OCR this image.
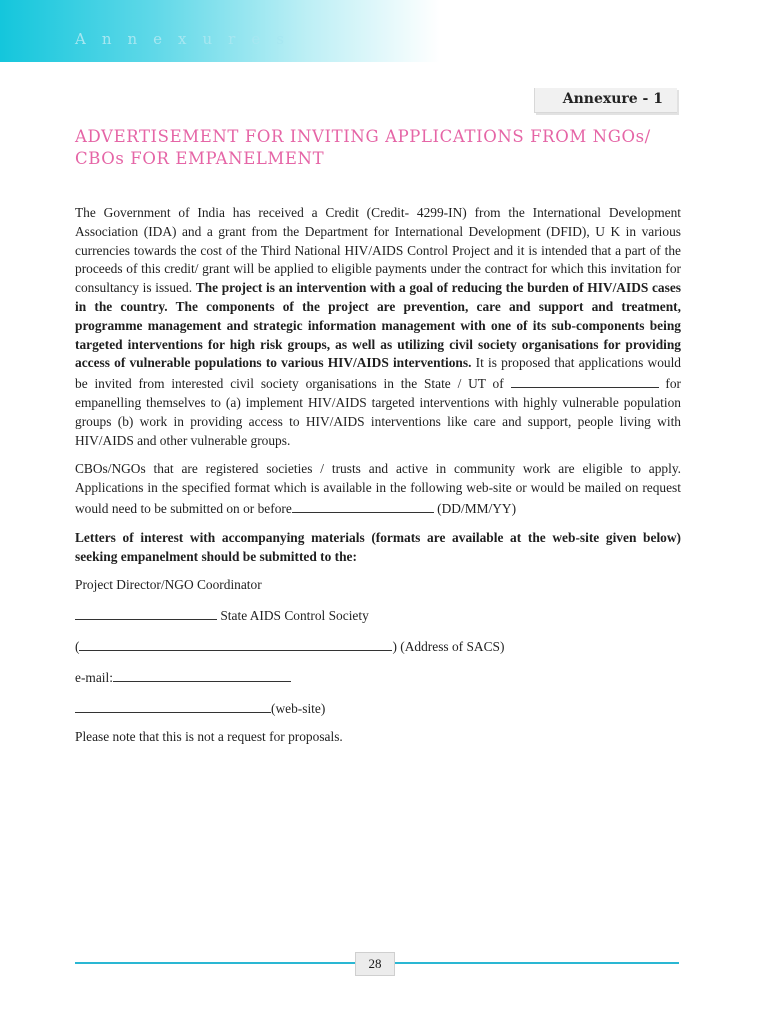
Annexures
Annexure - 1
ADVERTISEMENT FOR INVITING APPLICATIONS FROM NGOs/ CBOs FOR EMPANELMENT

The Government of India has received a Credit (Credit- 4299-IN) from the International Development Association (IDA) and a grant from the Department for International Development (DFID), U K in various currencies towards the cost of the Third National HIV/AIDS Control Project and it is intended that a part of the proceeds of this credit/ grant will be applied to eligible payments under the contract for which this invitation for consultancy is issued. The project is an intervention with a goal of reducing the burden of HIV/AIDS cases in the country. The components of the project are prevention, care and support and treatment, programme management and strategic information management with one of its sub-components being targeted interventions for high risk groups, as well as utilizing civil society organisations for providing access of vulnerable populations to various HIV/AIDS interventions. It is proposed that applications would be invited from interested civil society organisations in the State / UT of	for empanelling themselves to (a) implement HIV/AIDS targeted interventions with highly vulnerable population groups (b) work in providing access to HIV/AIDS interventions like care and support, people living with HIV/AIDS and other vulnerable groups.

CBOs/NGOs that are registered societies / trusts and active in community work are eligible to apply. Applications in the specified format which is available in the following web-site or would be mailed on request would need to be submitted on or before	(DD/MM/YY)

Letters of interest with accompanying materials (formats are available at the web-site given below) seeking empanelment should be submitted to the:

Project Director/NGO Coordinator

State AIDS Control Society

(	) (Address of SACS)

e-mail:

(web-site)

Please note that this is not a request for proposals.

28
